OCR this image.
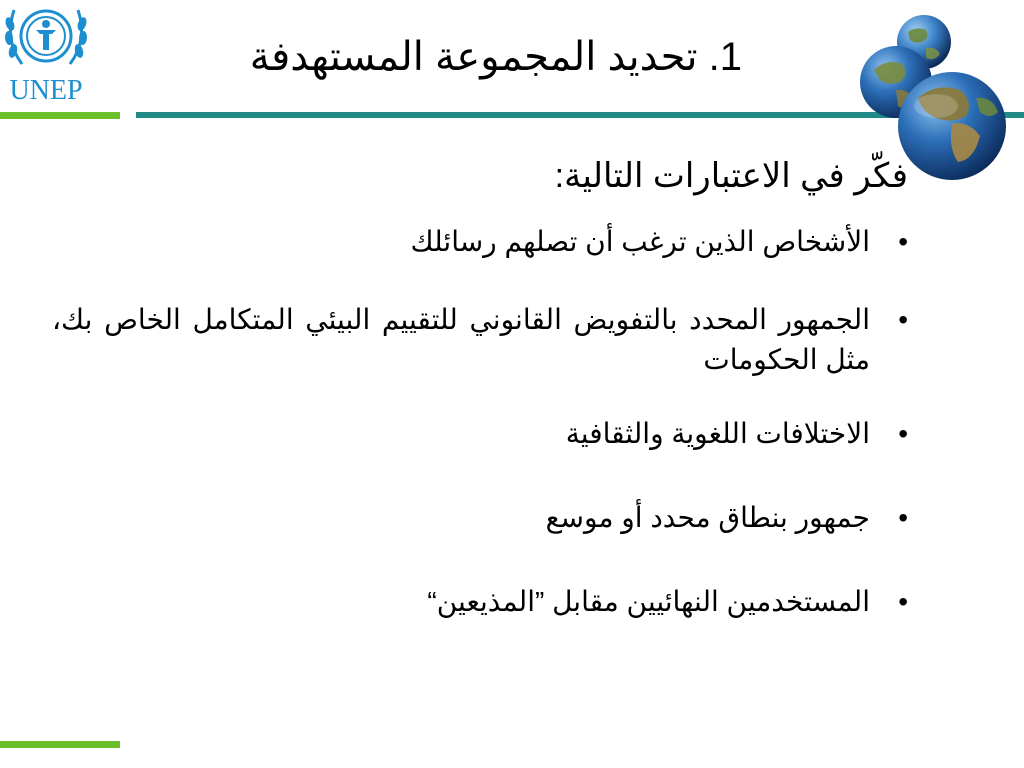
UNEP
1. تحديد المجموعة المستهدفة
فكّر في الاعتبارات التالية:
•
الأشخاص الذين ترغب أن تصلهم رسائلك
•
الجمهور المحدد بالتفويض القانوني للتقييم البيئي المتكامل الخاص بك، مثل الحكومات
•
الاختلافات اللغوية والثقافية
•
جمهور بنطاق محدد أو موسع
•
المستخدمين النهائيين مقابل ”المذيعين“
